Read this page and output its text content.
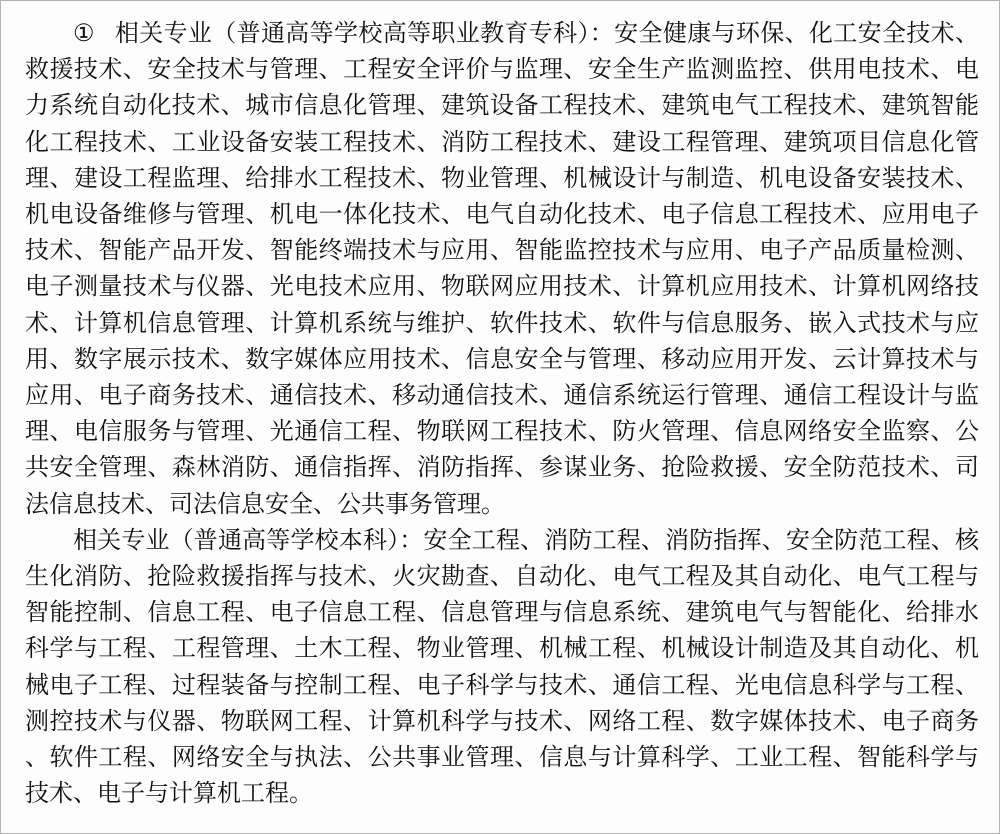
① 相关专业（普通高等学校高等职业教育专科）：安全健康与环保、化工安全技术、救援技术、安全技术与管理、工程安全评价与监理、安全生产监测监控、供用电技术、电力系统自动化技术、城市信息化管理、建筑设备工程技术、建筑电气工程技术、建筑智能化工程技术、工业设备安装工程技术、消防工程技术、建设工程管理、建筑项目信息化管理、建设工程监理、给排水工程技术、物业管理、机械设计与制造、机电设备安装技术、机电设备维修与管理、机电一体化技术、电气自动化技术、电子信息工程技术、应用电子技术、智能产品开发、智能终端技术与应用、智能监控技术与应用、电子产品质量检测、电子测量技术与仪器、光电技术应用、物联网应用技术、计算机应用技术、计算机网络技术、计算机信息管理、计算机系统与维护、软件技术、软件与信息服务、嵌入式技术与应用、数字展示技术、数字媒体应用技术、信息安全与管理、移动应用开发、云计算技术与应用、电子商务技术、通信技术、移动通信技术、通信系统运行管理、通信工程设计与监理、电信服务与管理、光通信工程、物联网工程技术、防火管理、信息网络安全监察、公共安全管理、森林消防、通信指挥、消防指挥、参谋业务、抢险救援、安全防范技术、司法信息技术、司法信息安全、公共事务管理。

相关专业（普通高等学校本科）：安全工程、消防工程、消防指挥、安全防范工程、核生化消防、抢险救援指挥与技术、火灾勘查、自动化、电气工程及其自动化、电气工程与智能控制、信息工程、电子信息工程、信息管理与信息系统、建筑电气与智能化、给排水科学与工程、工程管理、土木工程、物业管理、机械工程、机械设计制造及其自动化、机械电子工程、过程装备与控制工程、电子科学与技术、通信工程、光电信息科学与工程、测控技术与仪器、物联网工程、计算机科学与技术、网络工程、数字媒体技术、电子商务、软件工程、网络安全与执法、公共事业管理、信息与计算科学、工业工程、智能科学与技术、电子与计算机工程。
